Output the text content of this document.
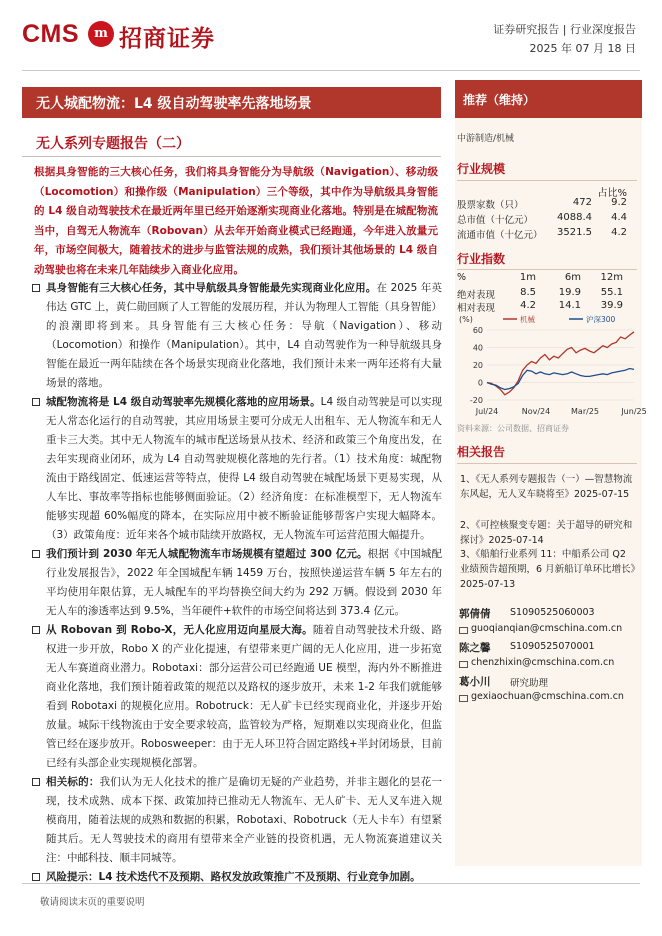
CMS	m 招商证券	证券研究报告 | 行业深度报告
2025 年 07 月 18 日
无人城配物流：L4 级自动驾驶率先落地场景
无人系列专题报告（二）
根据具身智能的三大核心任务，我们将具身智能分为导航级（Navigation）、移动级（Locomotion）和操作级（Manipulation）三个等级，其中作为导航级具身智能的 L4 级自动驾驶技术在最近两年里已经开始逐渐实现商业化落地。特别是在城配物流当中，自驾无人物流车（Robovan）从去年开始商业模式已经跑通，今年进入放量元年，市场空间极大，随着技术的进步与监管法规的成熟，我们预计其他场景的 L4 级自动驾驶也将在未来几年陆续步入商业化应用。
具身智能有三大核心任务，其中导航级具身智能最先实现商业化应用。在 2025 年英伟达 GTC 上，黄仁勋回顾了人工智能的发展历程，并认为物理人工智能（具身智能）的浪潮即将到来。具身智能有三大核心任务：导航（Navigation）、移动（Locomotion）和操作（Manipulation）。其中，L4 自动驾驶作为一种导航级具身智能在最近一两年陆续在各个场景实现商业化落地，我们预计未来一两年还将有大量场景的落地。
城配物流将是 L4 级自动驾驶率先规模化落地的应用场景。L4 级自动驾驶是可以实现无人常态化运行的自动驾驶，其应用场景主要可分成无人出租车、无人物流车和无人重卡三大类。其中无人物流车的城市配送场景从技术、经济和政策三个角度出发，在去年实现商业闭环，成为 L4 自动驾驶规模化落地的先行者。（1）技术角度：城配物流由于路线固定、低速运营等特点，使得 L4 级自动驾驶在城配场景下更易实现，从人车比、事故率等指标也能够侧面验证。（2）经济角度：在标准模型下，无人物流车能够实现超 60%幅度的降本，在实际应用中被不断验证能够帮客户实现大幅降本。（3）政策角度：近年来各个城市陆续开放路权，无人物流车可运营范围大幅提升。
我们预计到 2030 年无人城配物流车市场规模有望超过 300 亿元。根据《中国城配行业发展报告》，2022 年全国城配车辆 1459 万台，按照快递运营车辆 5 年左右的平均使用年限估算，无人城配车的平均替换空间大约为 292 万辆。假设到 2030 年无人车的渗透率达到 9.5%，当年硬件+软件的市场空间将达到 373.4 亿元。
从 Robovan 到 Robo-X，无人化应用迈向星辰大海。随着自动驾驶技术升级、路权进一步开放，Robo X 的产业化提速，有望带来更广阔的无人化应用，进一步拓宽无人车赛道商业潜力。Robotaxi：部分运营公司已经跑通 UE 模型，海内外不断推进商业化落地，我们预计随着政策的规范以及路权的逐步放开，未来 1-2 年我们就能够看到 Robotaxi 的规模化应用。Robotruck：无人矿卡已经实现商业化，并逐步开始放量。城际干线物流由于安全要求较高，监管较为严格，短期难以实现商业化，但监管已经在逐步放开。Robosweeper：由于无人环卫符合固定路线+半封闭场景，目前已经有头部企业实现规模化部署。
相关标的：我们认为无人化技术的推广是确切无疑的产业趋势，并非主题化的昙花一现，技术成熟、成本下探、政策加持已推动无人物流车、无人矿卡、无人叉车进入规模商用，随着法规的成熟和数据的积累，Robotaxi、Robotruck（无人卡车）有望紧随其后。无人驾驶技术的商用有望带来全产业链的投资机遇，无人物流赛道建议关注：中邮科技、顺丰同城等。
风险提示：L4 技术迭代不及预期、路权发放政策推广不及预期、行业竞争加剧。
推荐（维持）
中游制造/机械
行业规模
占比%
股票家数（只）	472	9.2
总市值（十亿元）	4088.4	4.4
流通市值（十亿元）	3521.5	4.2
行业指数
%	1m	6m	12m
绝对表现	8.5	19.9	55.1
相对表现	4.2	14.1	39.9
-20
0
20
40
60
(%)
Jul/24	Nov/24	Mar/25	Jun/25
机械	沪深300
资料来源：公司数据、招商证券
相关报告
1、《无人系列专题报告（一）—智慧物流东风起，无人叉车晓将至》2025-07-15
2、《可控核聚变专题：关于超导的研究和探讨》2025-07-14
3、《船舶行业系列 11：中船系公司 Q2 业绩预告超预期，6 月新船订单环比增长》2025-07-13
郭倩倩 S1090525060003
guoqianqian@cmschina.com.cn
陈之馨 S1090525070001
chenzhixin@cmschina.com.cn
葛小川 研究助理
gexiaochuan@cmschina.com.cn
敬请阅读末页的重要说明
